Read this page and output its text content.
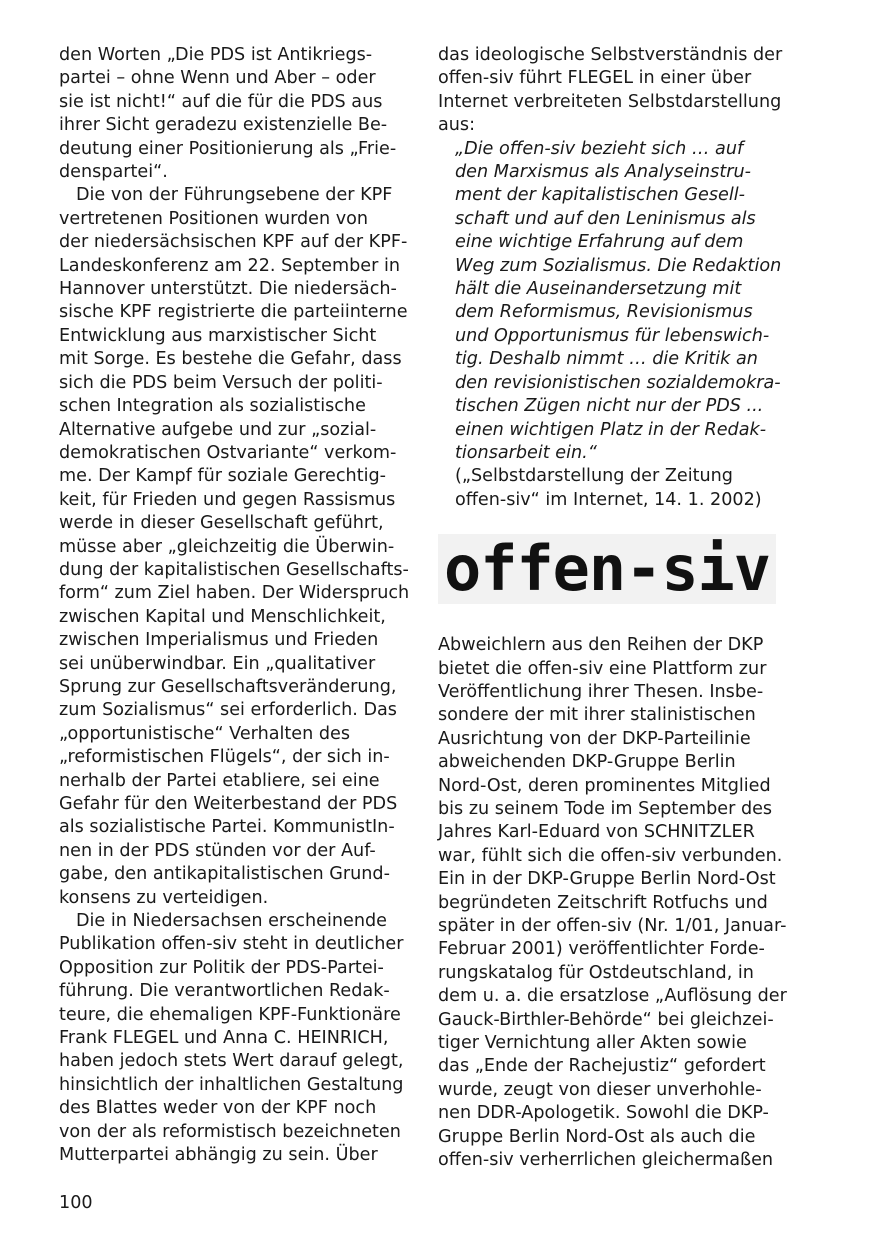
den Worten „Die PDS ist Antikriegs-
partei – ohne Wenn und Aber – oder
sie ist nicht!“ auf die für die PDS aus
ihrer Sicht geradezu existenzielle Be-
deutung einer Positionierung als „Frie-
denspartei“.
Die von der Führungsebene der KPF
vertretenen Positionen wurden von
der niedersächsischen KPF auf der KPF-
Landeskonferenz am 22. September in
Hannover unterstützt. Die niedersäch-
sische KPF registrierte die parteiinterne
Entwicklung aus marxistischer Sicht
mit Sorge. Es bestehe die Gefahr, dass
sich die PDS beim Versuch der politi-
schen Integration als sozialistische
Alternative aufgebe und zur „sozial-
demokratischen Ostvariante“ verkom-
me. Der Kampf für soziale Gerechtig-
keit, für Frieden und gegen Rassismus
werde in dieser Gesellschaft geführt,
müsse aber „gleichzeitig die Überwin-
dung der kapitalistischen Gesellschafts-
form“ zum Ziel haben. Der Widerspruch
zwischen Kapital und Menschlichkeit,
zwischen Imperialismus und Frieden
sei unüberwindbar. Ein „qualitativer
Sprung zur Gesellschaftsveränderung,
zum Sozialismus“ sei erforderlich. Das
„opportunistische“ Verhalten des
„reformistischen Flügels“, der sich in-
nerhalb der Partei etabliere, sei eine
Gefahr für den Weiterbestand der PDS
als sozialistische Partei. KommunistIn-
nen in der PDS stünden vor der Auf-
gabe, den antikapitalistischen Grund-
konsens zu verteidigen.
Die in Niedersachsen erscheinende
Publikation offen-siv steht in deutlicher
Opposition zur Politik der PDS-Partei-
führung. Die verantwortlichen Redak-
teure, die ehemaligen KPF-Funktionäre
Frank FLEGEL und Anna C. HEINRICH,
haben jedoch stets Wert darauf gelegt,
hinsichtlich der inhaltlichen Gestaltung
des Blattes weder von der KPF noch
von der als reformistisch bezeichneten
Mutterpartei abhängig zu sein. Über
das ideologische Selbstverständnis der
offen-siv führt FLEGEL in einer über
Internet verbreiteten Selbstdarstellung
aus:
„Die offen-siv bezieht sich … auf
den Marxismus als Analyseinstru-
ment der kapitalistischen Gesell-
schaft und auf den Leninismus als
eine wichtige Erfahrung auf dem
Weg zum Sozialismus. Die Redaktion
hält die Auseinandersetzung mit
dem Reformismus, Revisionismus
und Opportunismus für lebenswich-
tig. Deshalb nimmt … die Kritik an
den revisionistischen sozialdemokra-
tischen Zügen nicht nur der PDS ...
einen wichtigen Platz in der Redak-
tionsarbeit ein.“
(„Selbstdarstellung der Zeitung
offen-siv“ im Internet, 14. 1. 2002)
offen-siv
Abweichlern aus den Reihen der DKP
bietet die offen-siv eine Plattform zur
Veröffentlichung ihrer Thesen. Insbe-
sondere der mit ihrer stalinistischen
Ausrichtung von der DKP-Parteilinie
abweichenden DKP-Gruppe Berlin
Nord-Ost, deren prominentes Mitglied
bis zu seinem Tode im September des
Jahres Karl-Eduard von SCHNITZLER
war, fühlt sich die offen-siv verbunden.
Ein in der DKP-Gruppe Berlin Nord-Ost
begründeten Zeitschrift Rotfuchs und
später in der offen-siv (Nr. 1/01, Januar-
Februar 2001) veröffentlichter Forde-
rungskatalog für Ostdeutschland, in
dem u. a. die ersatzlose „Auflösung der
Gauck-Birthler-Behörde“ bei gleichzei-
tiger Vernichtung aller Akten sowie
das „Ende der Rachejustiz“ gefordert
wurde, zeugt von dieser unverhohle-
nen DDR-Apologetik. Sowohl die DKP-
Gruppe Berlin Nord-Ost als auch die
offen-siv verherrlichen gleichermaßen
100
